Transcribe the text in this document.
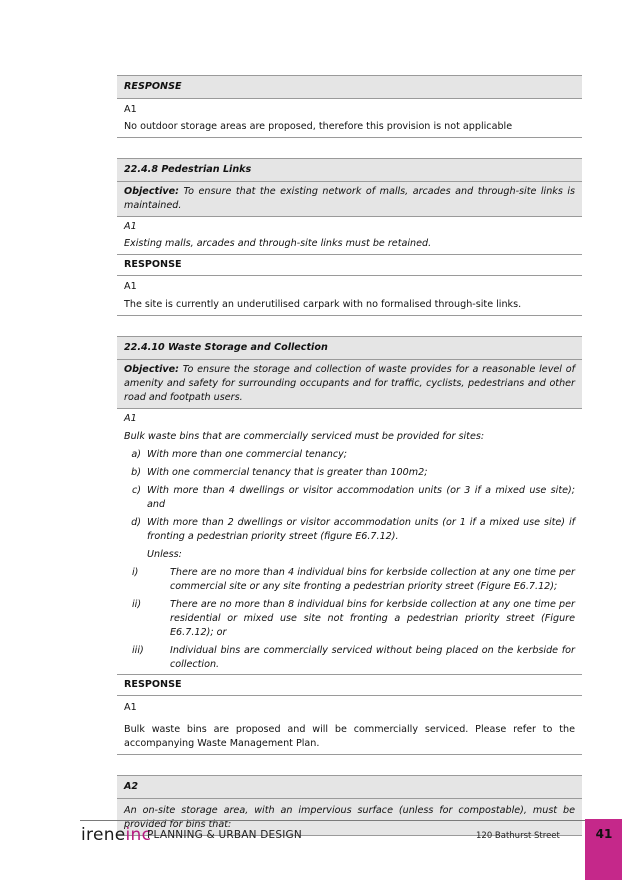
RESPONSE
A1
No outdoor storage areas are proposed, therefore this provision is not applicable
22.4.8 Pedestrian Links
Objective: To ensure that the existing network of malls, arcades and through-site links is maintained.
A1
Existing malls, arcades and through-site links must be retained.
RESPONSE
A1
The site is currently an underutilised carpark with no formalised through-site links.
22.4.10 Waste Storage and Collection
Objective: To ensure the storage and collection of waste provides for a reasonable level of amenity and safety for surrounding occupants and for traffic, cyclists, pedestrians and other road and footpath users.
A1
Bulk waste bins that are commercially serviced must be provided for sites:
a) With more than one commercial tenancy;
b) With one commercial tenancy that is greater than 100m2;
c) With more than 4 dwellings or visitor accommodation units (or 3 if a mixed use site); and
d) With more than 2 dwellings or visitor accommodation units (or 1 if a mixed use site) if fronting a pedestrian priority street (figure E6.7.12).
Unless:
i)	There are no more than 4 individual bins for kerbside collection at any one time per commercial site or any site fronting a pedestrian priority street (Figure E6.7.12);
ii)	There are no more than 8 individual bins for kerbside collection at any one time per residential or mixed use site not fronting a pedestrian priority street (Figure E6.7.12); or
iii)	Individual bins are commercially serviced without being placed on the kerbside for collection.
RESPONSE
A1
Bulk waste bins are proposed and will be commercially serviced. Please refer to the accompanying Waste Management Plan.
A2
An on-site storage area, with an impervious surface (unless for compostable), must be provided for bins that:
ireneinc
PLANNING & URBAN DESIGN	120 Bathurst Street	41
